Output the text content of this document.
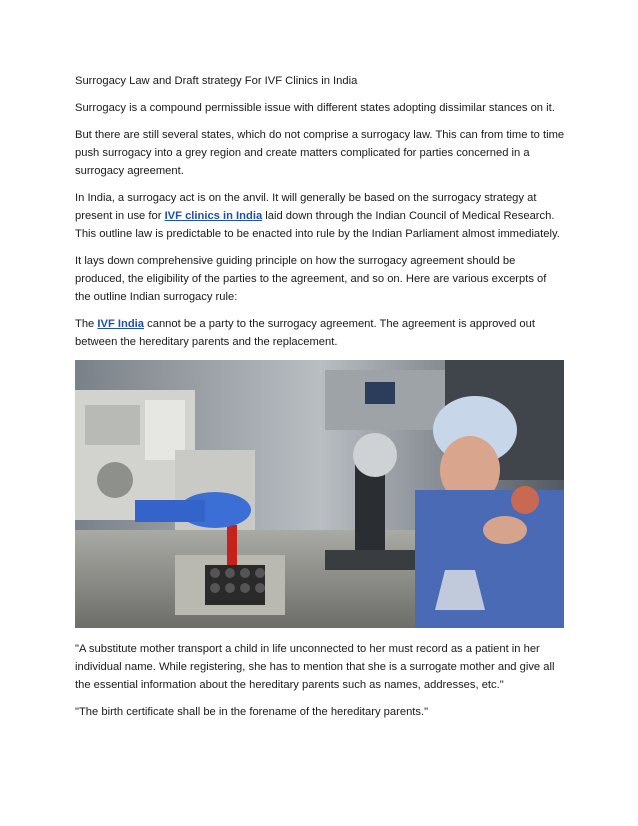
Surrogacy Law and Draft strategy For IVF Clinics in India

Surrogacy is a compound permissible issue with different states adopting dissimilar stances on it.

But there are still several states, which do not comprise a surrogacy law. This can from time to time push surrogacy into a grey region and create matters complicated for parties concerned in a surrogacy agreement.

In India, a surrogacy act is on the anvil. It will generally be based on the surrogacy strategy at present in use for IVF clinics in India laid down through the Indian Council of Medical Research. This outline law is predictable to be enacted into rule by the Indian Parliament almost immediately.

It lays down comprehensive guiding principle on how the surrogacy agreement should be produced, the eligibility of the parties to the agreement, and so on. Here are various excerpts of the outline Indian surrogacy rule:

The IVF India cannot be a party to the surrogacy agreement. The agreement is approved out between the hereditary parents and the replacement.

"A substitute mother transport a child in life unconnected to her must record as a patient in her individual name. While registering, she has to mention that she is a surrogate mother and give all the essential information about the hereditary parents such as names, addresses, etc."

"The birth certificate shall be in the forename of the hereditary parents."
